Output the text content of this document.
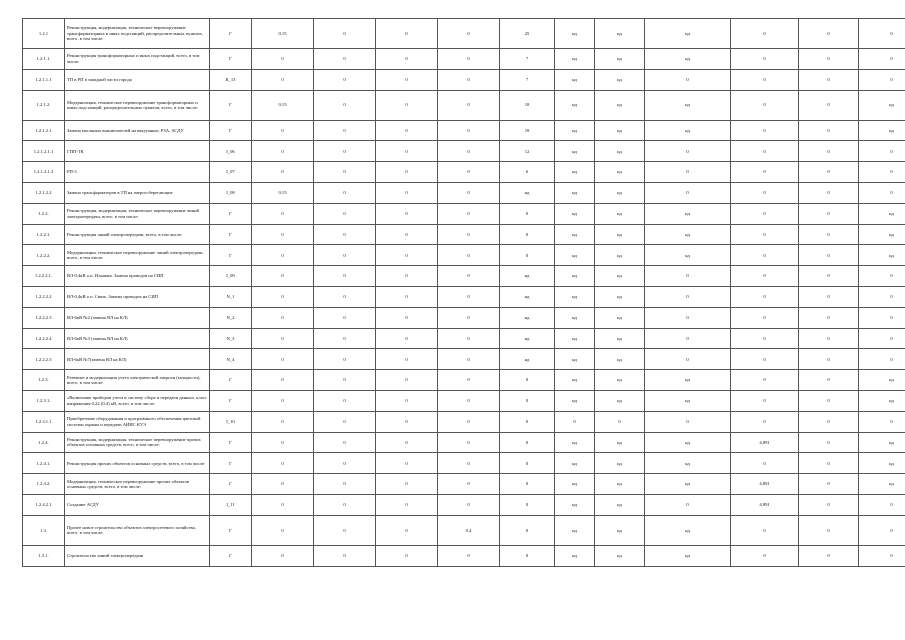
1.2.1	Реконструкция, модернизация, техническое перевооружение трансформаторных и иных подстанций, распределительных пунктов, всего, в том числе:	Г	0,15	0	0	0	25	нд	нд	нд	0	0	0
1.2.1.1.	Реконструкция трансформаторных и иных подстанций, всего, в том числе:	Г	0	0	0	0	7	нд	нд	нд	0	0	0
1.2.1.1.1	ТП в РП в западной части города	К_13	0	0	0	0	7	нд	нд	0	0	0	0
1.2.1.2.	Модернизация, техническое перевооружение трансформаторных и иных подстанций, распределительных пунктов, всего, в том числе:	Г	0,15	0	0	0	18	нд	нд	нд	0	0	нд
1.2.1.2.1	Замена масляных выключателей на вакуумные, РЗА, АСДУ	Г	0	0	0	0	18	нд	нд	нд	0	0	нд
1.2.1.2.1.1	ГПП-ТК	I_06	0	0	0	0	12	нд	нд	0	0	0	0
1.2.1.2.1.2	РП-3	I_07	0	0	0	0	6	нд	нд	0	0	0	0
1.2.1.2.2	Замена трансформаторов в ТП на энергосберегающие	I_08	0,15	0	0	0	нд	нд	нд	0	0	0	0
1.2.2.	Реконструкция, модернизация, техническое перевооружение линий электропередачи, всего, в том числе:	Г	0	0	0	0	0	нд	нд	нд	0	0	нд
1.2.2.1.	Реконструкция линий электропередачи, всего, в том числе:	Г	0	0	0	0	0	нд	нд	нд	0	0	нд
1.2.2.2.	Модернизация, техническое перевооружение линий электропередачи, всего, в том числе:	Г	0	0	0	0	0	нд	нд	нд	0	0	нд
1.2.2.2.1.	ВЛ-0,4кВ о.п. Ильинка. Замена проводов на СИП	I_09	0	0	0	0	нд	нд	нд	0	0	0	0
1.2.2.2.2	ВЛ-0,4кВ о.п. Связь. Замена проводов на СИП	N_1	0	0	0	0	нд	нд	нд	0	0	0	0
1.2.2.2.3	ВЛ-6кВ №2 (замена ВЛ на КЛ)	N_2	0	0	0	0	нд	нд	нд	0	0	0	0
1.2.2.2.4	ВЛ-6кВ №3 (замена ВЛ на КЛ)	N_3	0	0	0	0	нд	нд	нд	0	0	0	0
1.2.2.2.5	ВЛ-6кВ №7(замена ВЛ на КЛ)	N_4	0	0	0	0	нд	нд	нд	0	0	0	0
1.2.3.	Развитие и модернизация учета электрической энергии (мощности), всего, в том числе:	Г	0	0	0	0	0	нд	нд	нд	0	0	нд
1.2.3.1.	«Включение приборов учета в систему сбора и передачи данных, класс напряжения 0,22 (0,4) кВ, всего, в том числе:	Г	0	0	0	0	0	нд	нд	нд	0	0	нд
1.2.3.1.1	Приобретение оборудования и программного обеспечения цветовой системы охраны и передачи АИИС КУЭ	I_10	0	0	0	0	0	0	0	0	0	0	0
1.2.4.	Реконструкция, модернизация, техническое перевооружение прочих объектов основных средств, всего, в том числе:	Г	0	0	0	0	0	нд	нд	нд	4,891	0	нд
1.2.4.1.	Реконструкция прочих объектов основных средств, всего, в том числе:	Г	0	0	0	0	0	нд	нд	нд	0	0	нд
1.2.4.2.	Модернизация, техническое перевооружение прочих объектов основных средств, всего, в том числе:	Г	0	0	0	0	0	нд	нд	нд	4,891	0	нд
1.2.4.2.1	Создание АСДУ	I_11	0	0	0	0	0	нд	нд	0	4,891	0	0
1.3.	Прочее новое строительство объектов электросетевого хозяйства, всего, в том числе:	Г	0	0	0	0,4	0	нд	нд	нд	0	0	0
1.3.1.	Строительство линий электропередачи	Г	0	0	0	0	0	нд	нд	нд	0	0	0
